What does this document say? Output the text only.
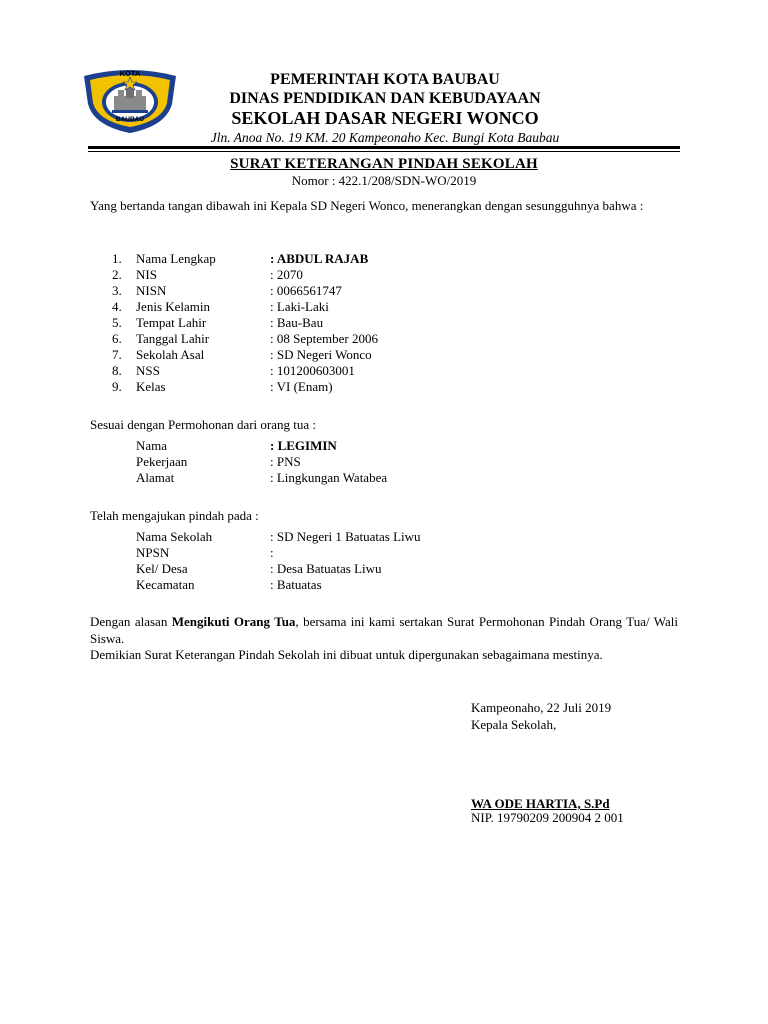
KOTA
BAUBAU
PEMERINTAH KOTA BAUBAU
DINAS PENDIDIKAN DAN KEBUDAYAAN
SEKOLAH DASAR NEGERI WONCO
Jln. Anoa No. 19 KM. 20 Kampeonaho Kec. Bungi Kota Baubau
SURAT KETERANGAN PINDAH SEKOLAH
Nomor : 422.1/208/SDN-WO/2019
Yang bertanda tangan dibawah ini Kepala SD Negeri Wonco, menerangkan dengan sesungguhnya bahwa :
1. Nama Lengkap	: ABDUL RAJAB
2. NIS	: 2070
3. NISN	: 0066561747
4. Jenis Kelamin	: Laki-Laki
5. Tempat Lahir	: Bau-Bau
6. Tanggal Lahir	: 08 September 2006
7. Sekolah Asal	: SD Negeri Wonco
8. NSS	: 101200603001
9. Kelas	: VI (Enam)
Sesuai dengan Permohonan dari orang tua :
Nama	: LEGIMIN
Pekerjaan	: PNS
Alamat	: Lingkungan Watabea
Telah mengajukan pindah pada :
Nama Sekolah	: SD Negeri 1 Batuatas Liwu
NPSN	:
Kel/ Desa	: Desa Batuatas Liwu
Kecamatan	: Batuatas
Dengan alasan Mengikuti Orang Tua, bersama ini kami sertakan Surat Permohonan Pindah Orang Tua/ Wali Siswa.
Demikian Surat Keterangan Pindah Sekolah ini dibuat untuk dipergunakan sebagaimana mestinya.
Kampeonaho, 22 Juli 2019
Kepala Sekolah,
WA ODE HARTIA, S.Pd
NIP. 19790209 200904 2 001
